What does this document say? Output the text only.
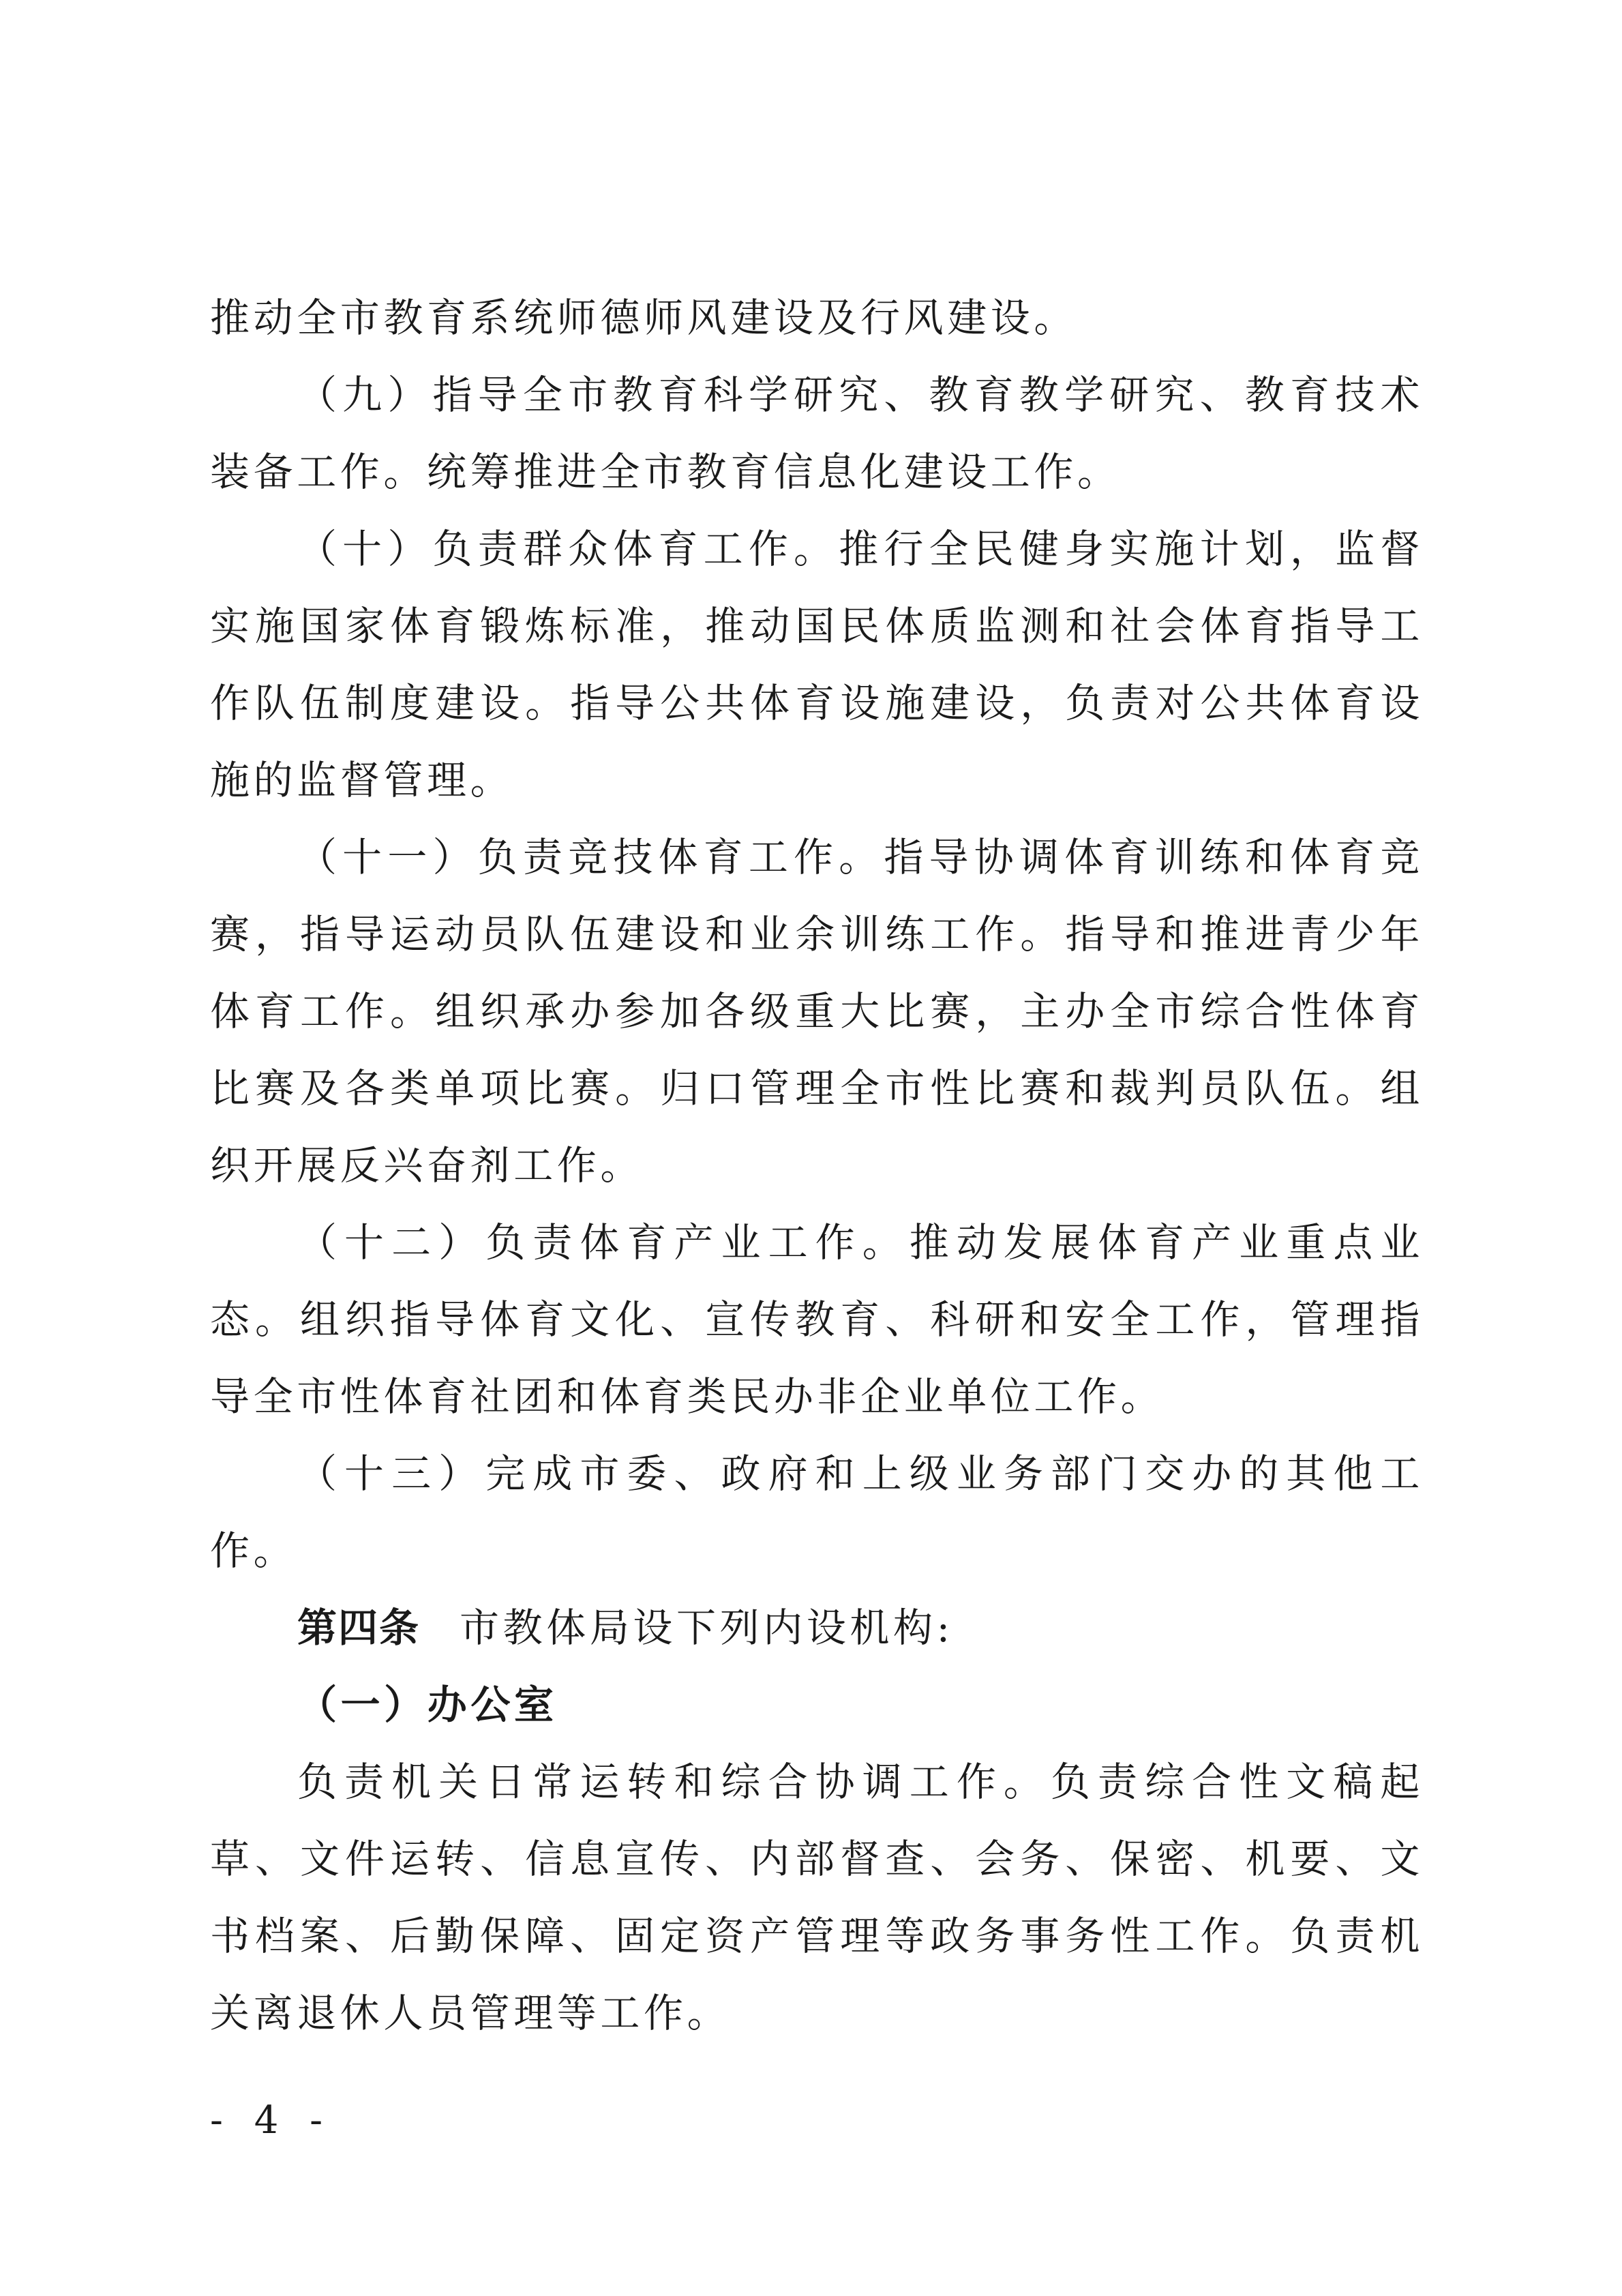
推动全市教育系统师德师风建设及行风建设。

（九）指导全市教育科学研究、教育教学研究、教育技术装备工作。统筹推进全市教育信息化建设工作。

（十）负责群众体育工作。推行全民健身实施计划，监督实施国家体育锻炼标准，推动国民体质监测和社会体育指导工作队伍制度建设。指导公共体育设施建设，负责对公共体育设施的监督管理。

（十一）负责竞技体育工作。指导协调体育训练和体育竞赛，指导运动员队伍建设和业余训练工作。指导和推进青少年体育工作。组织承办参加各级重大比赛，主办全市综合性体育比赛及各类单项比赛。归口管理全市性比赛和裁判员队伍。组织开展反兴奋剂工作。

（十二）负责体育产业工作。推动发展体育产业重点业态。组织指导体育文化、宣传教育、科研和安全工作，管理指导全市性体育社团和体育类民办非企业单位工作。

（十三）完成市委、政府和上级业务部门交办的其他工作。

第四条 市教体局设下列内设机构:

（一）办公室

负责机关日常运转和综合协调工作。负责综合性文稿起草、文件运转、信息宣传、内部督查、会务、保密、机要、文书档案、后勤保障、固定资产管理等政务事务性工作。负责机关离退休人员管理等工作。

- 4 -
